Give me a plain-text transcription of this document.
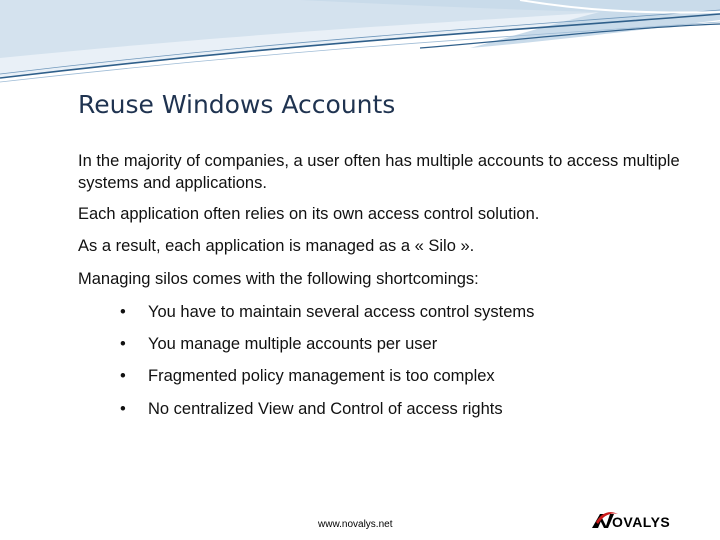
Reuse Windows Accounts

In the majority of companies, a user often has multiple accounts to access multiple systems and applications.

Each application often relies on its own access control solution.

As a result, each application is managed as a « Silo ».

Managing silos comes with the following shortcomings:

• You have to maintain several access control systems

• You manage multiple accounts per user

• Fragmented policy management is too complex

• No centralized View and Control of access rights

www.novalys.net	OVALYS
